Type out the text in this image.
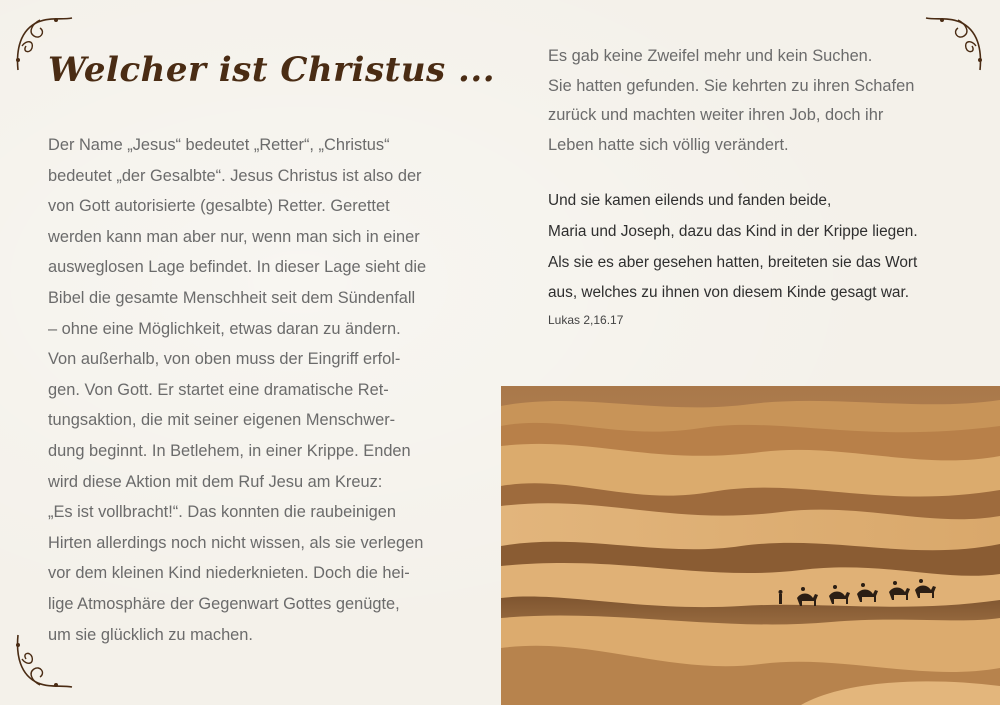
Welcher ist Christus ...

Der Name „Jesus“ bedeutet „Retter“, „Christus“

bedeutet „der Gesalbte“. Jesus Christus ist also der

von Gott autorisierte (gesalbte) Retter. Gerettet

werden kann man aber nur, wenn man sich in einer

ausweglosen Lage befindet. In dieser Lage sieht die

Bibel die gesamte Menschheit seit dem Sündenfall

– ohne eine Möglichkeit, etwas daran zu ändern.

Von außerhalb, von oben muss der Eingriff erfol-

gen. Von Gott. Er startet eine dramatische Ret-

tungsaktion, die mit seiner eigenen Menschwer-

dung beginnt. In Betlehem, in einer Krippe. Enden

wird diese Aktion mit dem Ruf Jesu am Kreuz:

„Es ist vollbracht!“. Das konnten die raubeinigen

Hirten allerdings noch nicht wissen, als sie verlegen

vor dem kleinen Kind niederknieten. Doch die hei-

lige Atmosphäre der Gegenwart Gottes genügte,

um sie glücklich zu machen.

Es gab keine Zweifel mehr und kein Suchen.

Sie hatten gefunden. Sie kehrten zu ihren Schafen

zurück und machten weiter ihren Job, doch ihr

Leben hatte sich völlig verändert.

Und sie kamen eilends und fanden beide,

Maria und Joseph, dazu das Kind in der Krippe liegen.

Als sie es aber gesehen hatten, breiteten sie das Wort

aus, welches zu ihnen von diesem Kinde gesagt war.

Lukas 2,16.17
